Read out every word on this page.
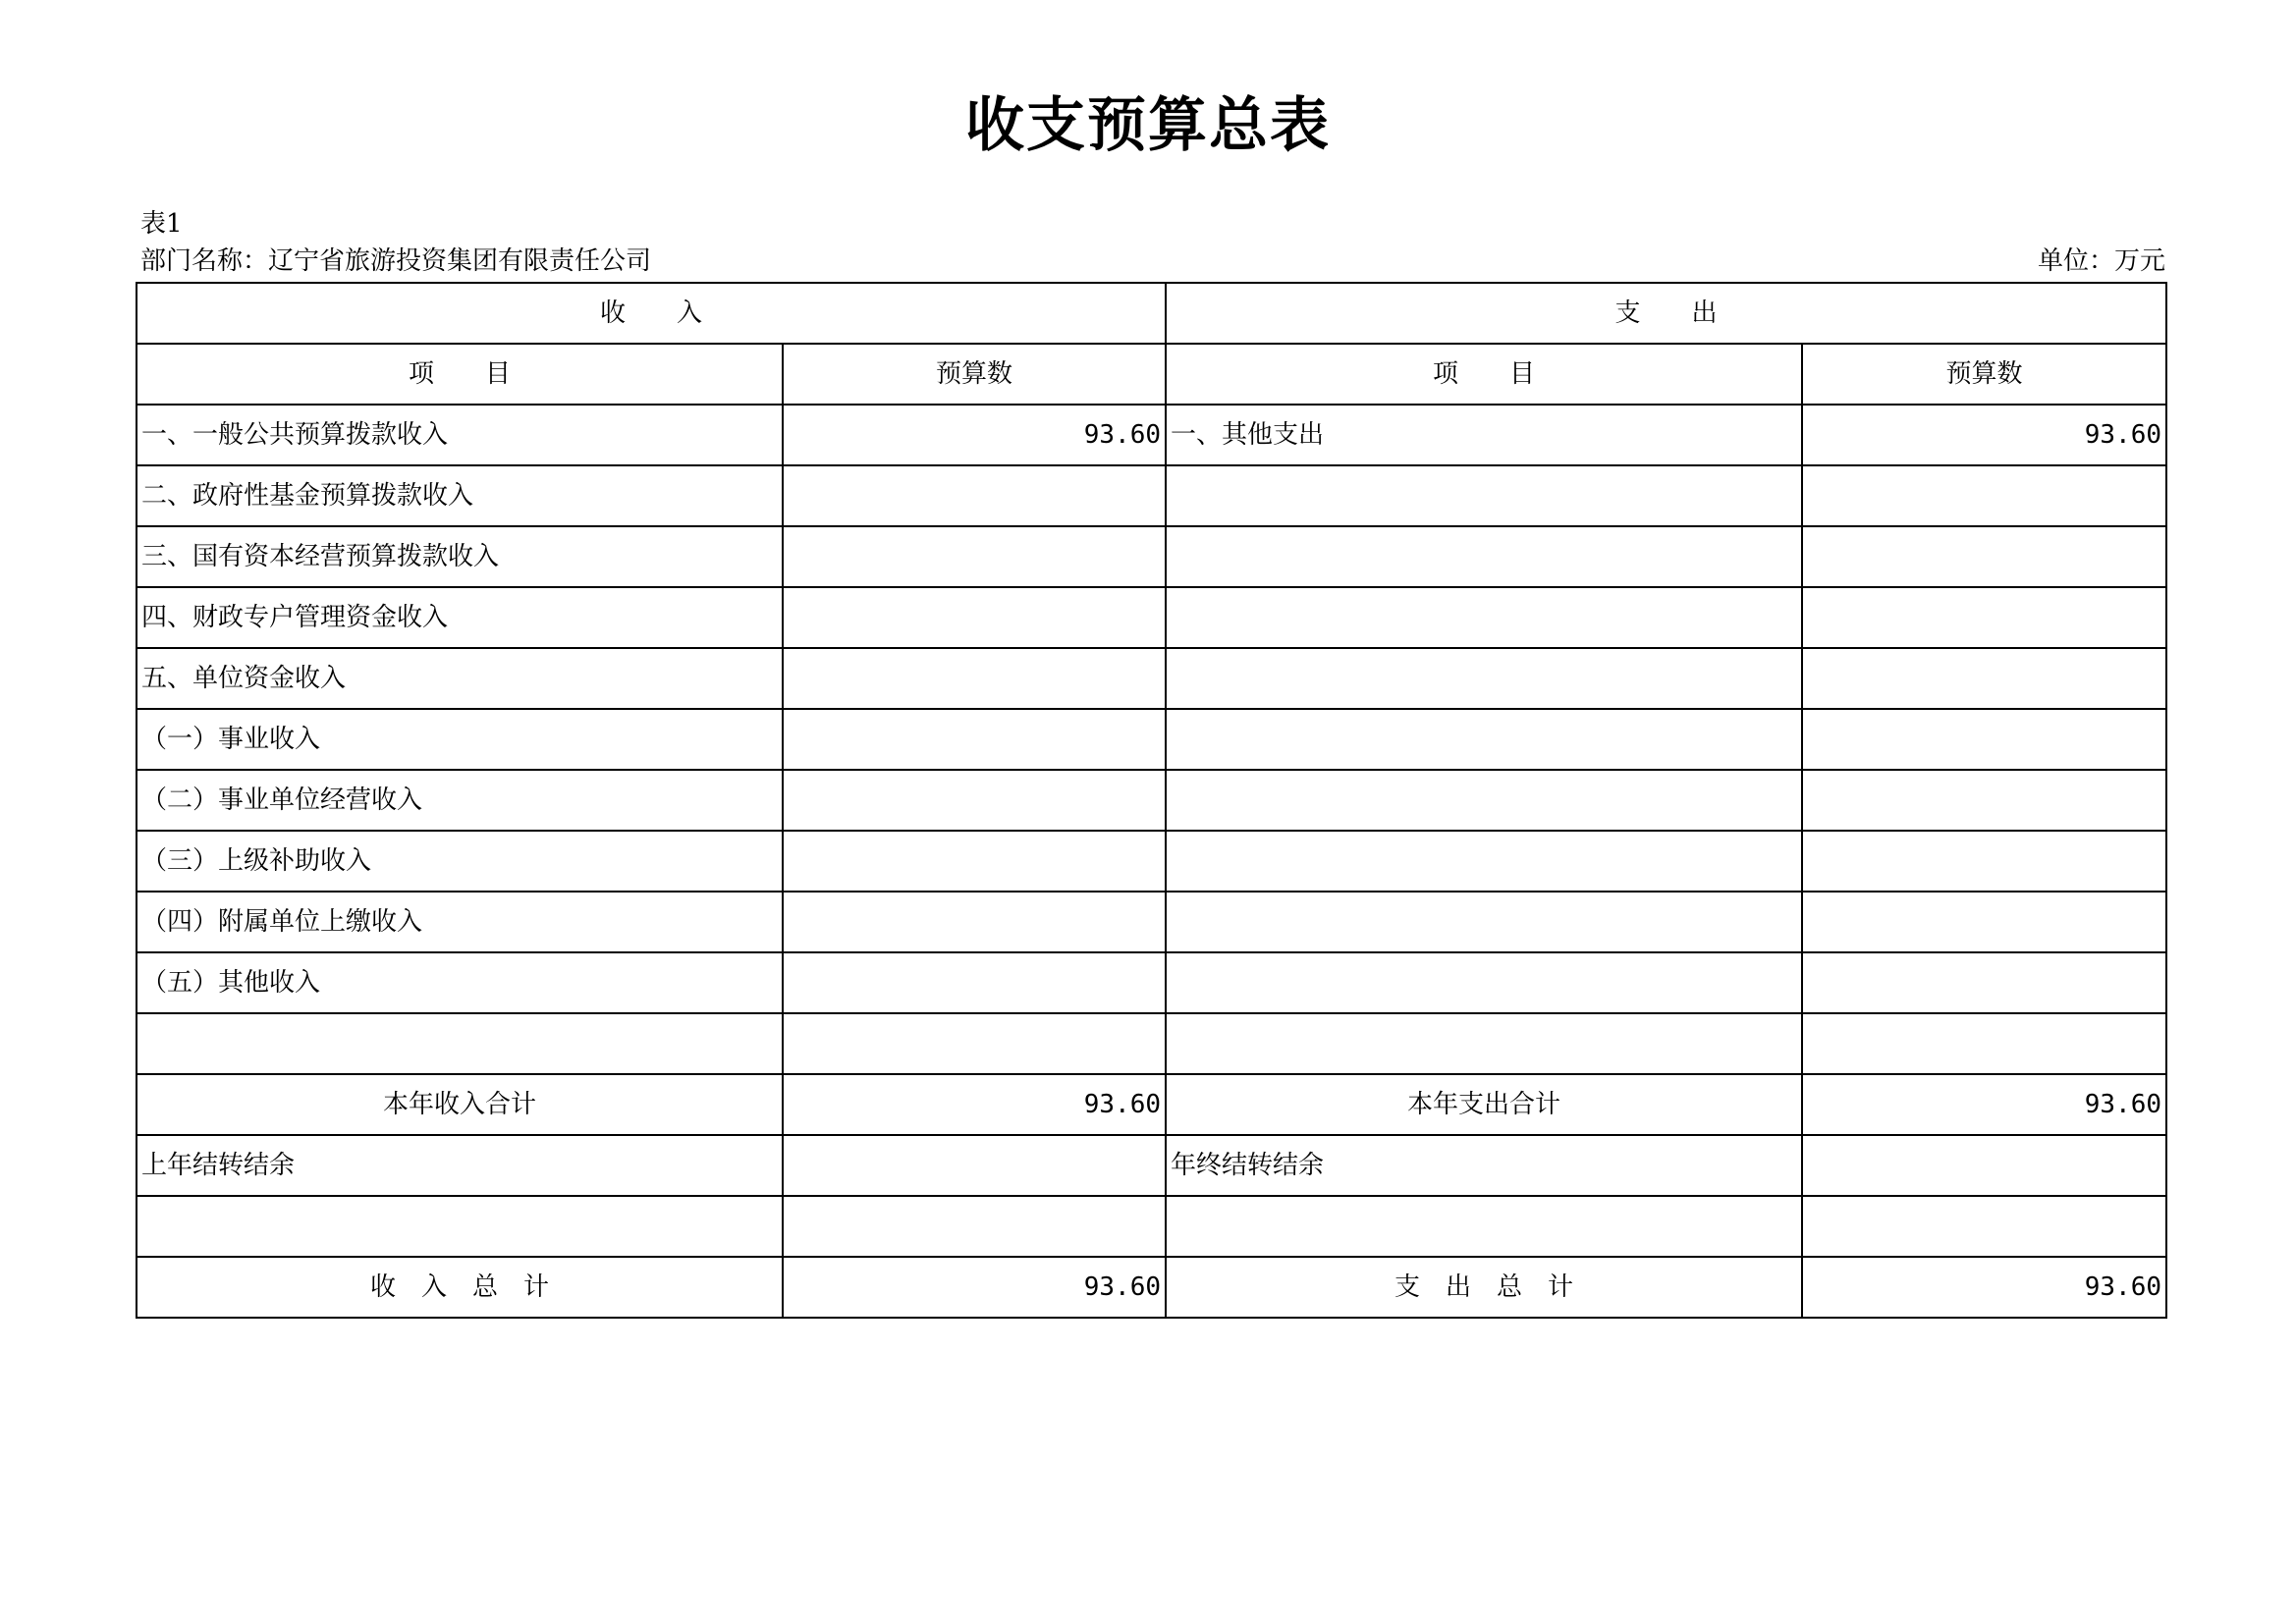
收支预算总表
表1
部门名称：辽宁省旅游投资集团有限责任公司	单位：万元
收　　入		支　　出	
项　　目	预算数	项　　目	预算数
一、一般公共预算拨款收入	93.60	一、其他支出	93.60
二、政府性基金预算拨款收入			
三、国有资本经营预算拨款收入			
四、财政专户管理资金收入			
五、单位资金收入			
（一）事业收入			
（二）事业单位经营收入			
（三）上级补助收入			
（四）附属单位上缴收入			
（五）其他收入			

本年收入合计	93.60	本年支出合计	93.60
上年结转结余		年终结转结余	

收　入　总　计	93.60	支　出　总　计	93.60
